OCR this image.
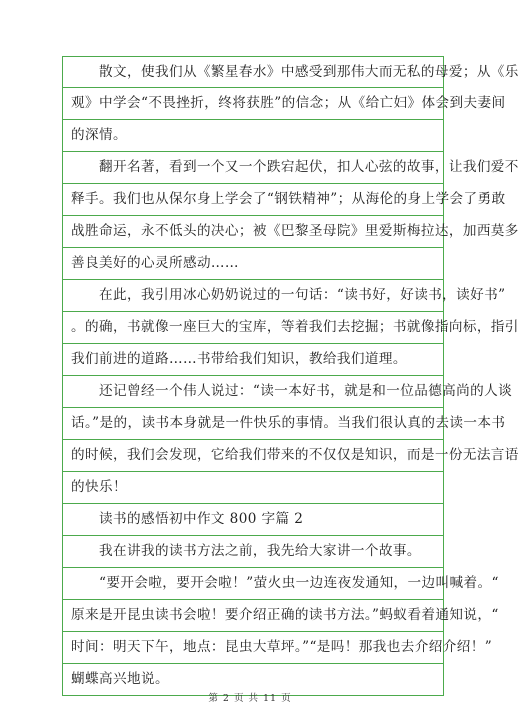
　　散文，使我们从《繁星春水》中感受到那伟大而无私的母爱；从《乐
观》中学会“不畏挫折，终将获胜”的信念；从《给亡妇》体会到夫妻间
的深情。
　　翻开名著，看到一个又一个跌宕起伏，扣人心弦的故事，让我们爱不
释手。我们也从保尔身上学会了“钢铁精神”；从海伦的身上学会了勇敢
战胜命运，永不低头的决心；被《巴黎圣母院》里爱斯梅拉达，加西莫多
善良美好的心灵所感动……
　　在此，我引用冰心奶奶说过的一句话：“读书好，好读书，读好书”
。的确，书就像一座巨大的宝库，等着我们去挖掘；书就像指向标，指引
我们前进的道路……书带给我们知识，教给我们道理。
　　还记曾经一个伟人说过：“读一本好书，就是和一位品德高尚的人谈
话。”是的，读书本身就是一件快乐的事情。当我们很认真的去读一本书
的时候，我们会发现，它给我们带来的不仅仅是知识，而是一份无法言语
的快乐！
　　读书的感悟初中作文 800 字篇 2
　　我在讲我的读书方法之前，我先给大家讲一个故事。
　　“要开会啦，要开会啦！”萤火虫一边连夜发通知，一边叫喊着。“
原来是开昆虫读书会啦！要介绍正确的读书方法。”蚂蚁看着通知说，“
时间：明天下午，地点：昆虫大草坪。”“是吗！那我也去介绍介绍！”
蝴蝶高兴地说。
第 2 页 共 11 页
